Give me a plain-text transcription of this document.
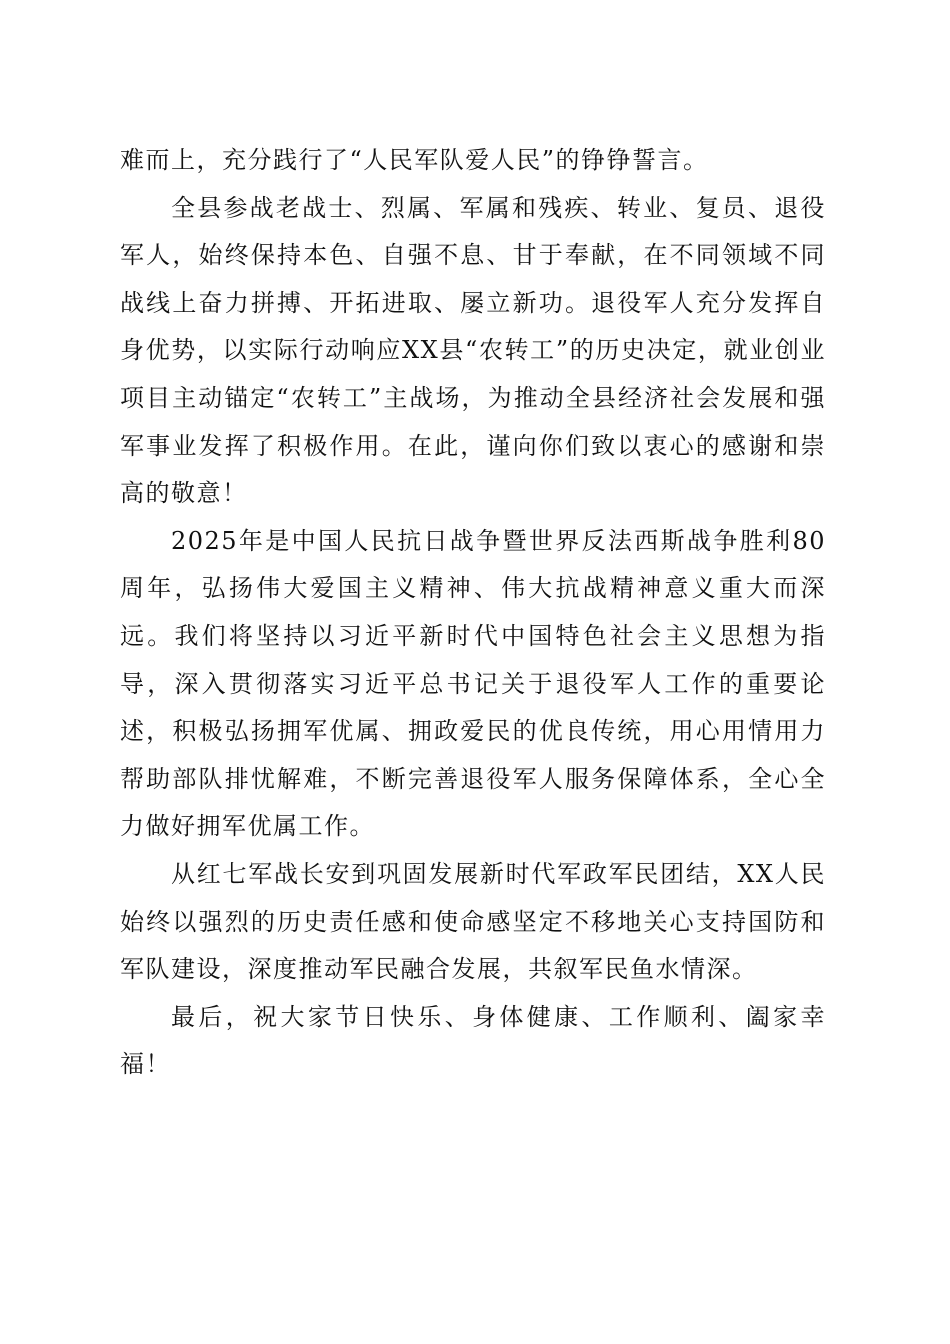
难而上，充分践行了“人民军队爱人民”的铮铮誓言。

全县参战老战士、烈属、军属和残疾、转业、复员、退役军人，始终保持本色、自强不息、甘于奉献，在不同领域不同战线上奋力拼搏、开拓进取、屡立新功。退役军人充分发挥自身优势，以实际行动响应XX县“农转工”的历史决定，就业创业项目主动锚定“农转工”主战场，为推动全县经济社会发展和强军事业发挥了积极作用。在此，谨向你们致以衷心的感谢和崇高的敬意！

2025年是中国人民抗日战争暨世界反法西斯战争胜利80周年，弘扬伟大爱国主义精神、伟大抗战精神意义重大而深远。我们将坚持以习近平新时代中国特色社会主义思想为指导，深入贯彻落实习近平总书记关于退役军人工作的重要论述，积极弘扬拥军优属、拥政爱民的优良传统，用心用情用力帮助部队排忧解难，不断完善退役军人服务保障体系，全心全力做好拥军优属工作。

从红七军战长安到巩固发展新时代军政军民团结，XX人民始终以强烈的历史责任感和使命感坚定不移地关心支持国防和军队建设，深度推动军民融合发展，共叙军民鱼水情深。

最后，祝大家节日快乐、身体健康、工作顺利、阖家幸福！
